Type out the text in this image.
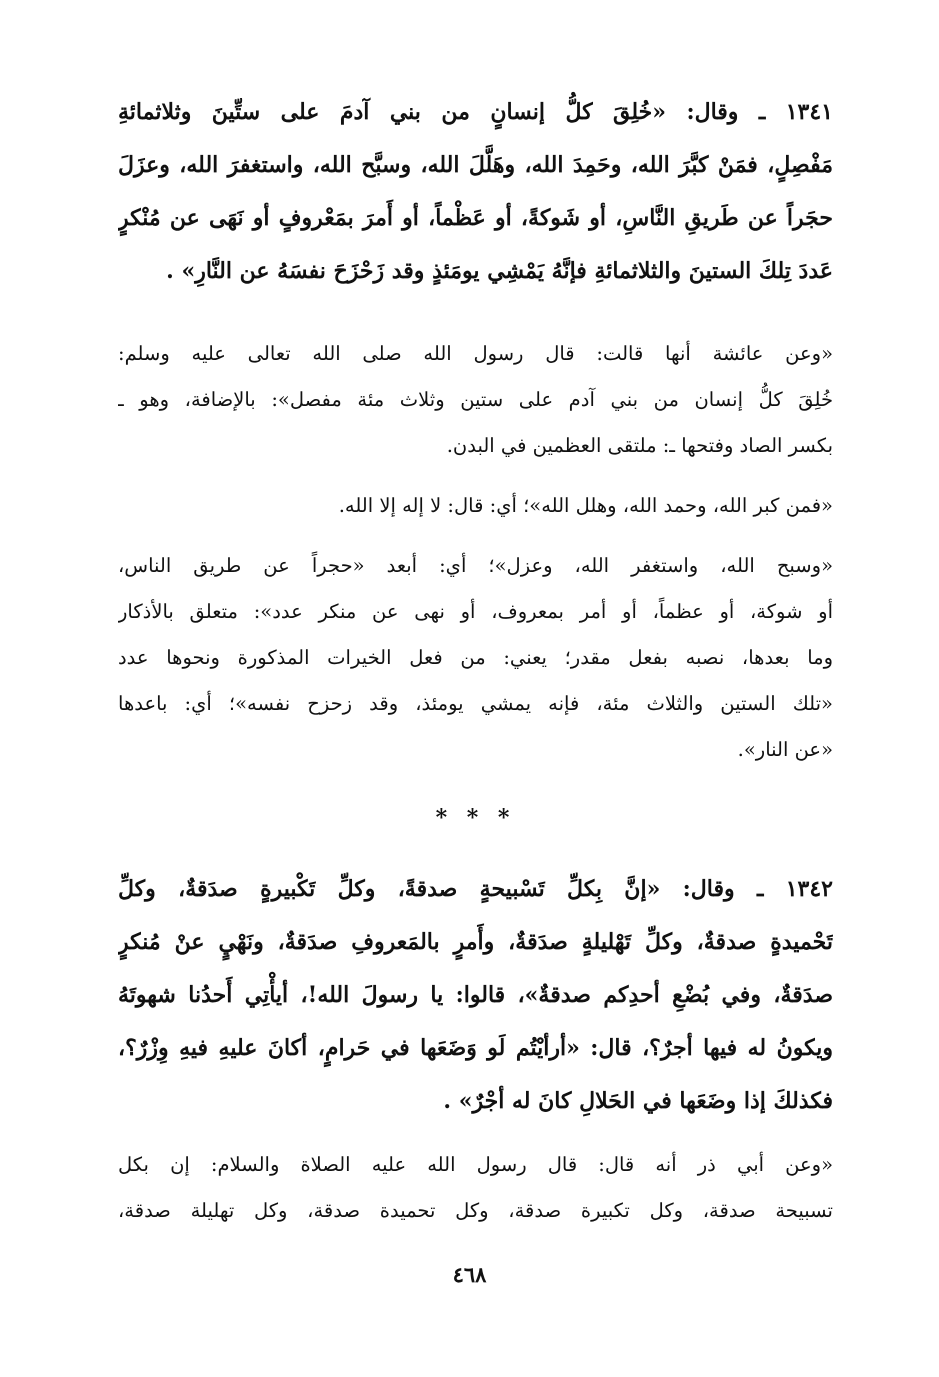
١٣٤١ ـ وقال: «خُلِقَ كلُّ إنسانٍ من بني آدمَ على ستِّينَ وثلاثمائةِ
مَفْصِلٍ، فمَنْ كبَّرَ الله، وحَمِدَ الله، وهَلَّلَ الله، وسبَّح الله، واستغفرَ الله، وعزَلَ
حجَراً عن طَريقِ النَّاسِ، أو شَوكةً، أو عَظْماً، أو أَمرَ بمَعْروفٍ أو نَهَى عن مُنْكرٍ
عَددَ تِلكَ الستينَ والثلاثمائةِ فإنَّهُ يَمْشِي يومَئذٍ وقد زَحْزَحَ نفسَهُ عن النَّارِ» .
«وعن عائشة أنها قالت: قال رسول الله صلى الله تعالى عليه وسلم:
خُلِقَ كلُّ إنسان من بني آدم على ستين وثلاث مئة مفصل»: بالإضافة، وهو ـ
بكسر الصاد وفتحها ـ: ملتقى العظمين في البدن.
«فمن كبر الله، وحمد الله، وهلل الله»؛ أي: قال: لا إله إلا الله.
«وسبح الله، واستغفر الله، وعزل»؛ أي: أبعد «حجراً عن طريق الناس،
أو شوكة، أو عظماً، أو أمر بمعروف، أو نهى عن منكر عدد»: متعلق بالأذكار
وما بعدها، نصبه بفعل مقدر؛ يعني: من فعل الخيرات المذكورة ونحوها عدد
«تلك الستين والثلاث مئة، فإنه يمشي يومئذ، وقد زحزح نفسه»؛ أي: باعدها
«عن النار».
* * *
١٣٤٢ ـ وقال: «إنَّ بِكلِّ تَسْبيحةٍ صدقةً، وكلِّ تَكْبيرةٍ صدَقةٌ، وكلِّ
تَحْميدةٍ صدقةٌ، وكلِّ تَهْليلةٍ صدَقةٌ، وأَمرٍ بالمَعروفِ صدَقةٌ، ونَهْيٍ عنْ مُنكرٍ
صدَقةٌ، وفي بُضْعِ أحدِكم صدقةٌ»، قالوا: يا رسولَ الله!، أيأْتِي أَحدُنا شهوتَهُ
ويكونُ له فيها أجرٌ؟، قال: «أرأيْتُم لَو وَضَعَها في حَرامٍ، أكانَ عليهِ فيهِ وِزْرٌ؟،
فكذلكَ إذا وضَعَها في الحَلالِ كانَ له أجْرٌ» .
«وعن أبي ذر أنه قال: قال رسول الله عليه الصلاة والسلام: إن بكل
تسبيحة صدقة، وكل تكبيرة صدقة، وكل تحميدة صدقة، وكل تهليلة صدقة،
٤٦٨
